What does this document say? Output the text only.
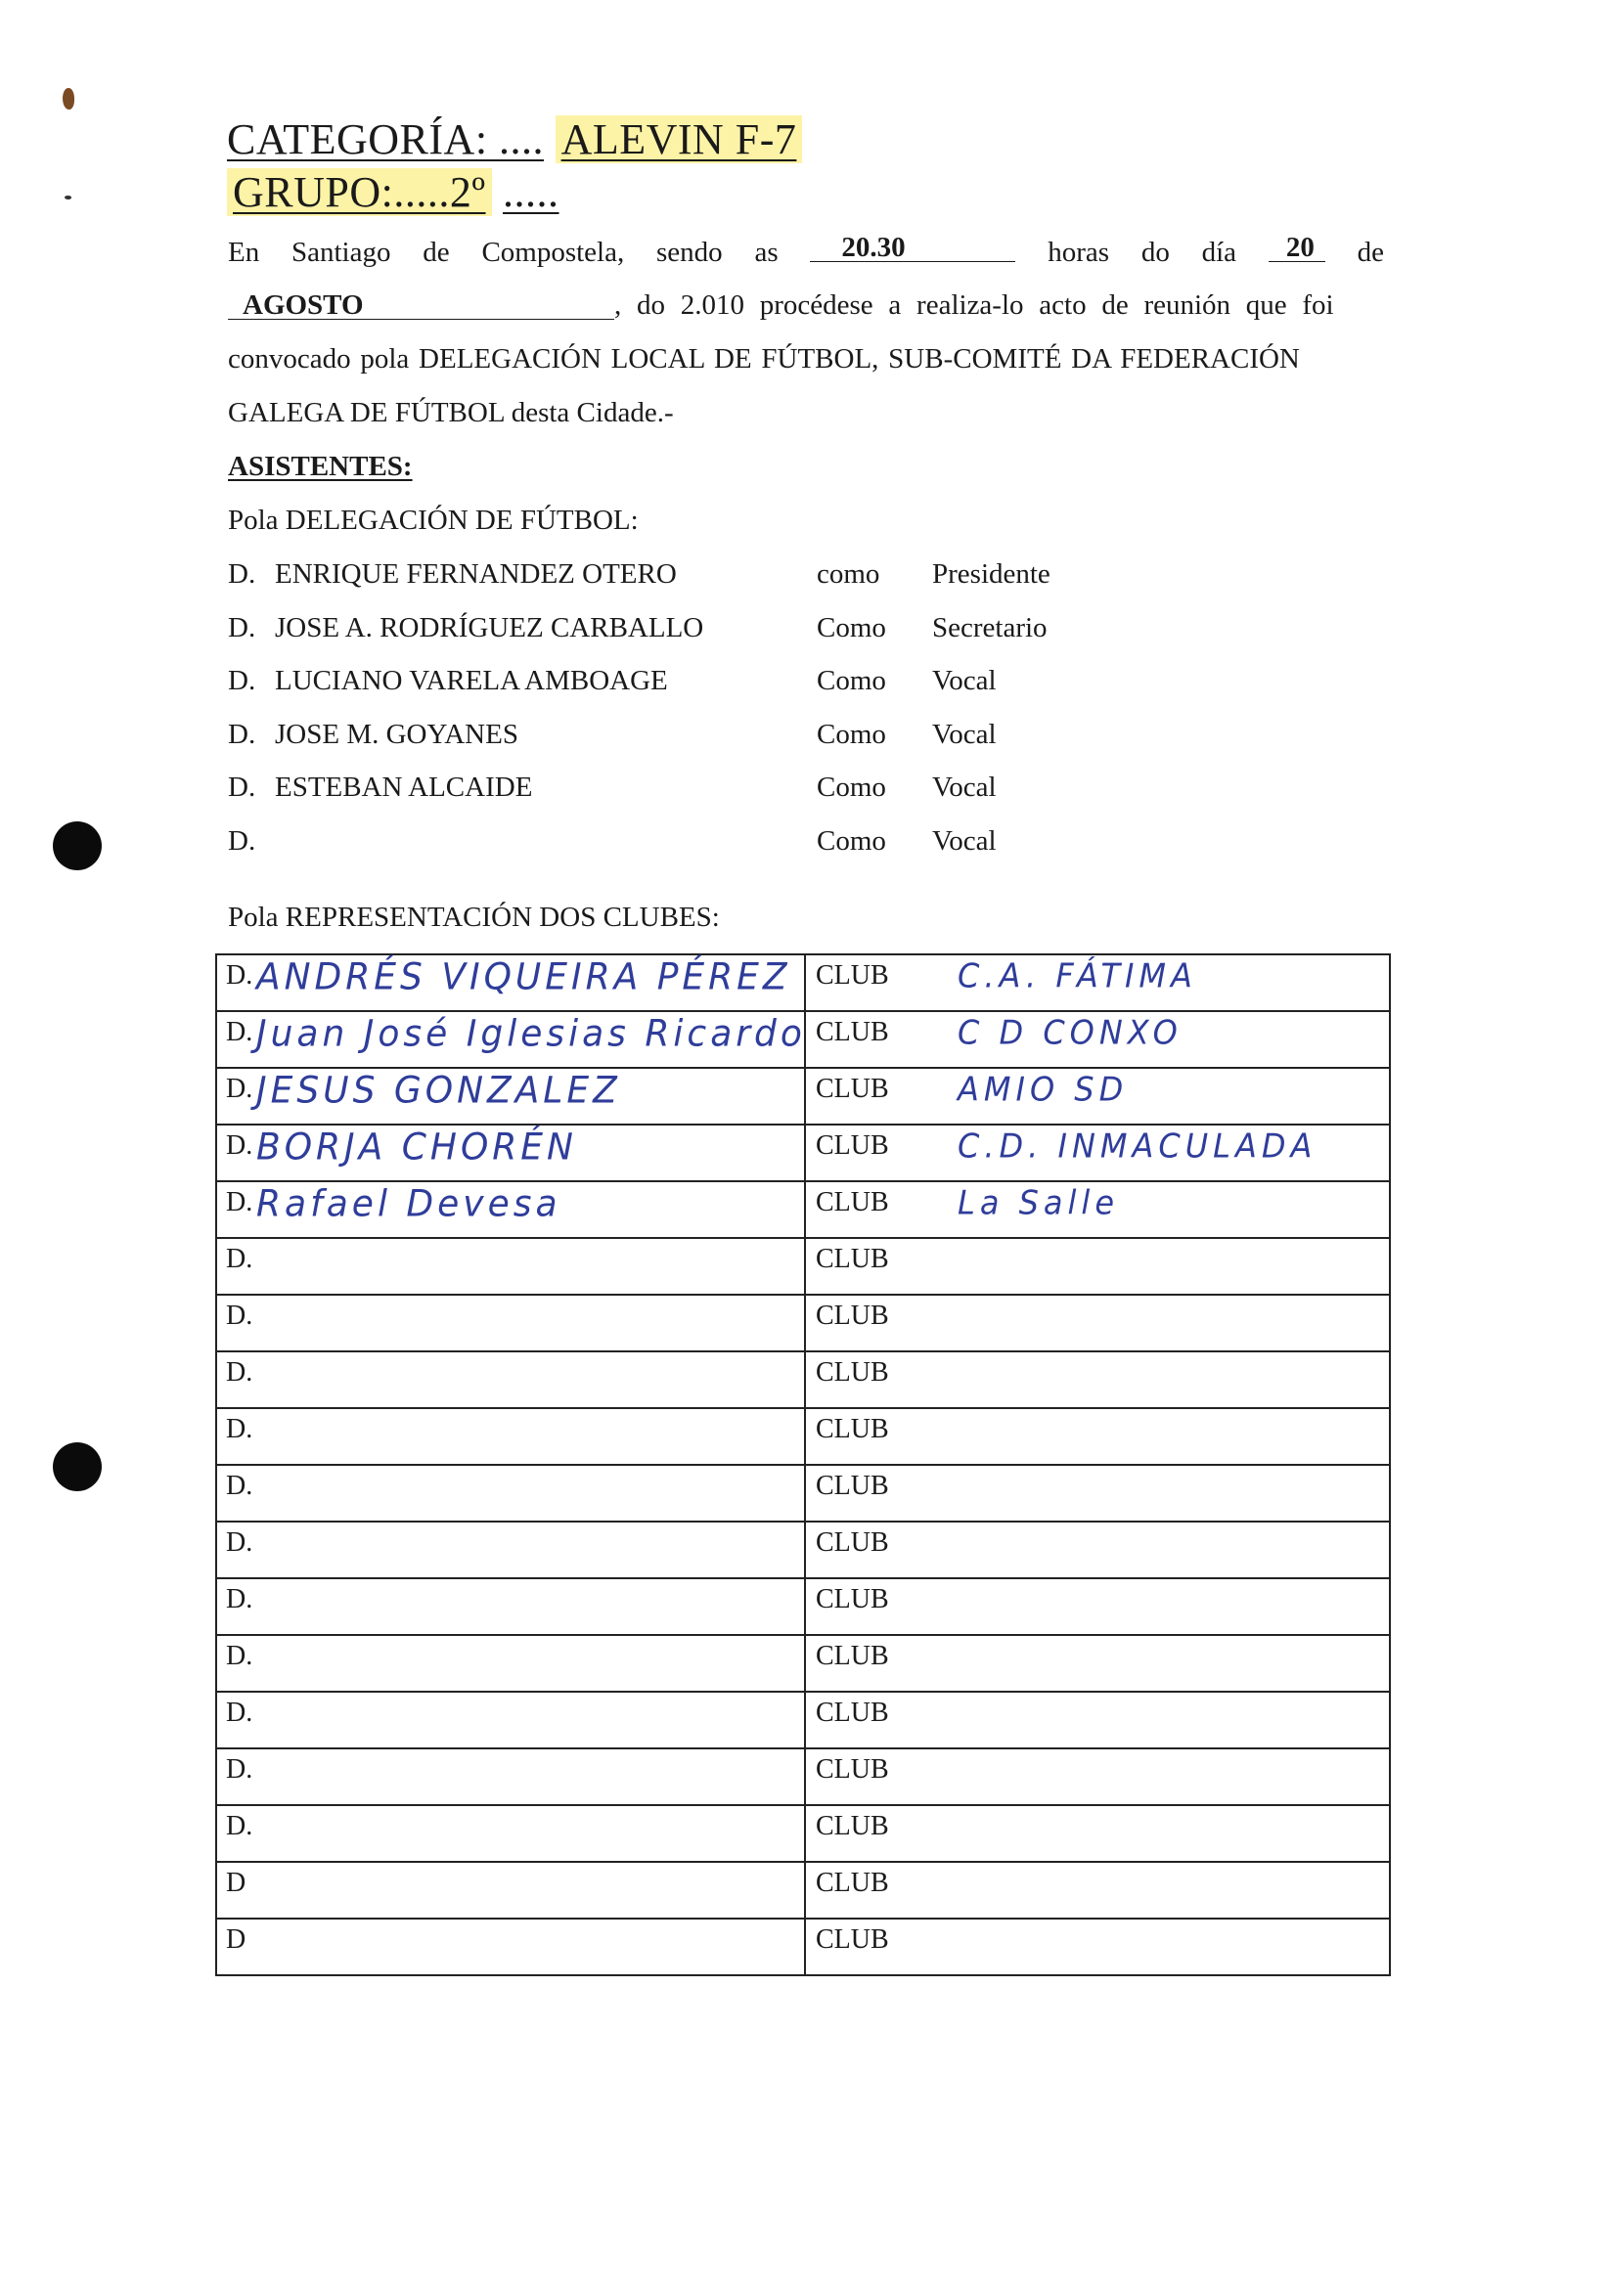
CATEGORÍA: .... ALEVIN F-7
GRUPO:.....2º .....
En Santiago de Compostela, sendo as	20.30	horas do día	20	de
AGOSTO	, do 2.010 procédese a realiza-lo acto de reunión que foi
convocado pola DELEGACIÓN LOCAL DE FÚTBOL, SUB-COMITÉ DA FEDERACIÓN
GALEGA DE FÚTBOL desta Cidade.-
ASISTENTES:
Pola DELEGACIÓN DE FÚTBOL:
D. ENRIQUE FERNANDEZ OTERO	como Presidente
D. JOSE A. RODRÍGUEZ CARBALLO	Como Secretario
D. LUCIANO VARELA AMBOAGE	Como Vocal
D. JOSE M. GOYANES	Como Vocal
D. ESTEBAN ALCAIDE	Como Vocal
D.	Como Vocal
Pola REPRESENTACIÓN DOS CLUBES:
D. ANDRÉS VIQUEIRA PÉREZ	CLUB C.A. FÁTIMA

D. Juan José Iglesias Ricardo	CLUB C D CONXO

D. JESUS GONZALEZ	CLUB AMIO SD

D. BORJA CHORÉN	CLUB C.D. INMACULADA

D. Rafael Devesa	CLUB La Salle

D.	CLUB

D.	CLUB

D.	CLUB

D.	CLUB

D.	CLUB

D.	CLUB

D.	CLUB

D.	CLUB

D.	CLUB

D.	CLUB

D.	CLUB

D	CLUB

D	CLUB
